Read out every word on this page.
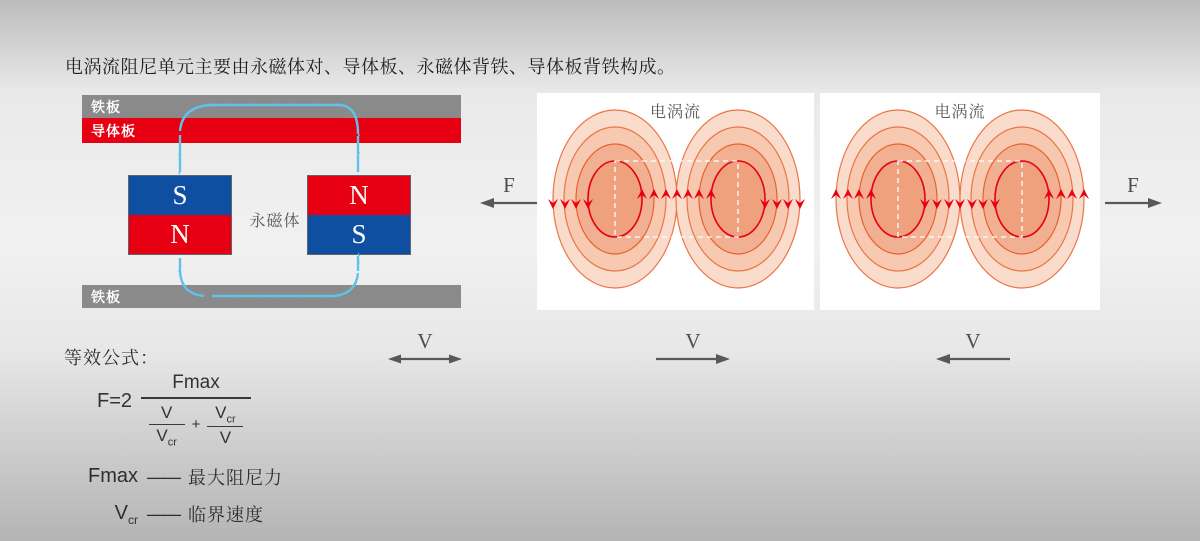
电涡流阻尼单元主要由永磁体对、导体板、永磁体背铁、导体板背铁构成。
铁板
导体板
S
N
N
S
永磁体
铁板
电涡流	电涡流
F	F
V	V	V
等效公式：
F=2
Fmax
V
$V_{cr}$
+
$V_{cr}$
V
Fmax —— 最大阻尼力
$V_{cr}$ —— 临界速度
